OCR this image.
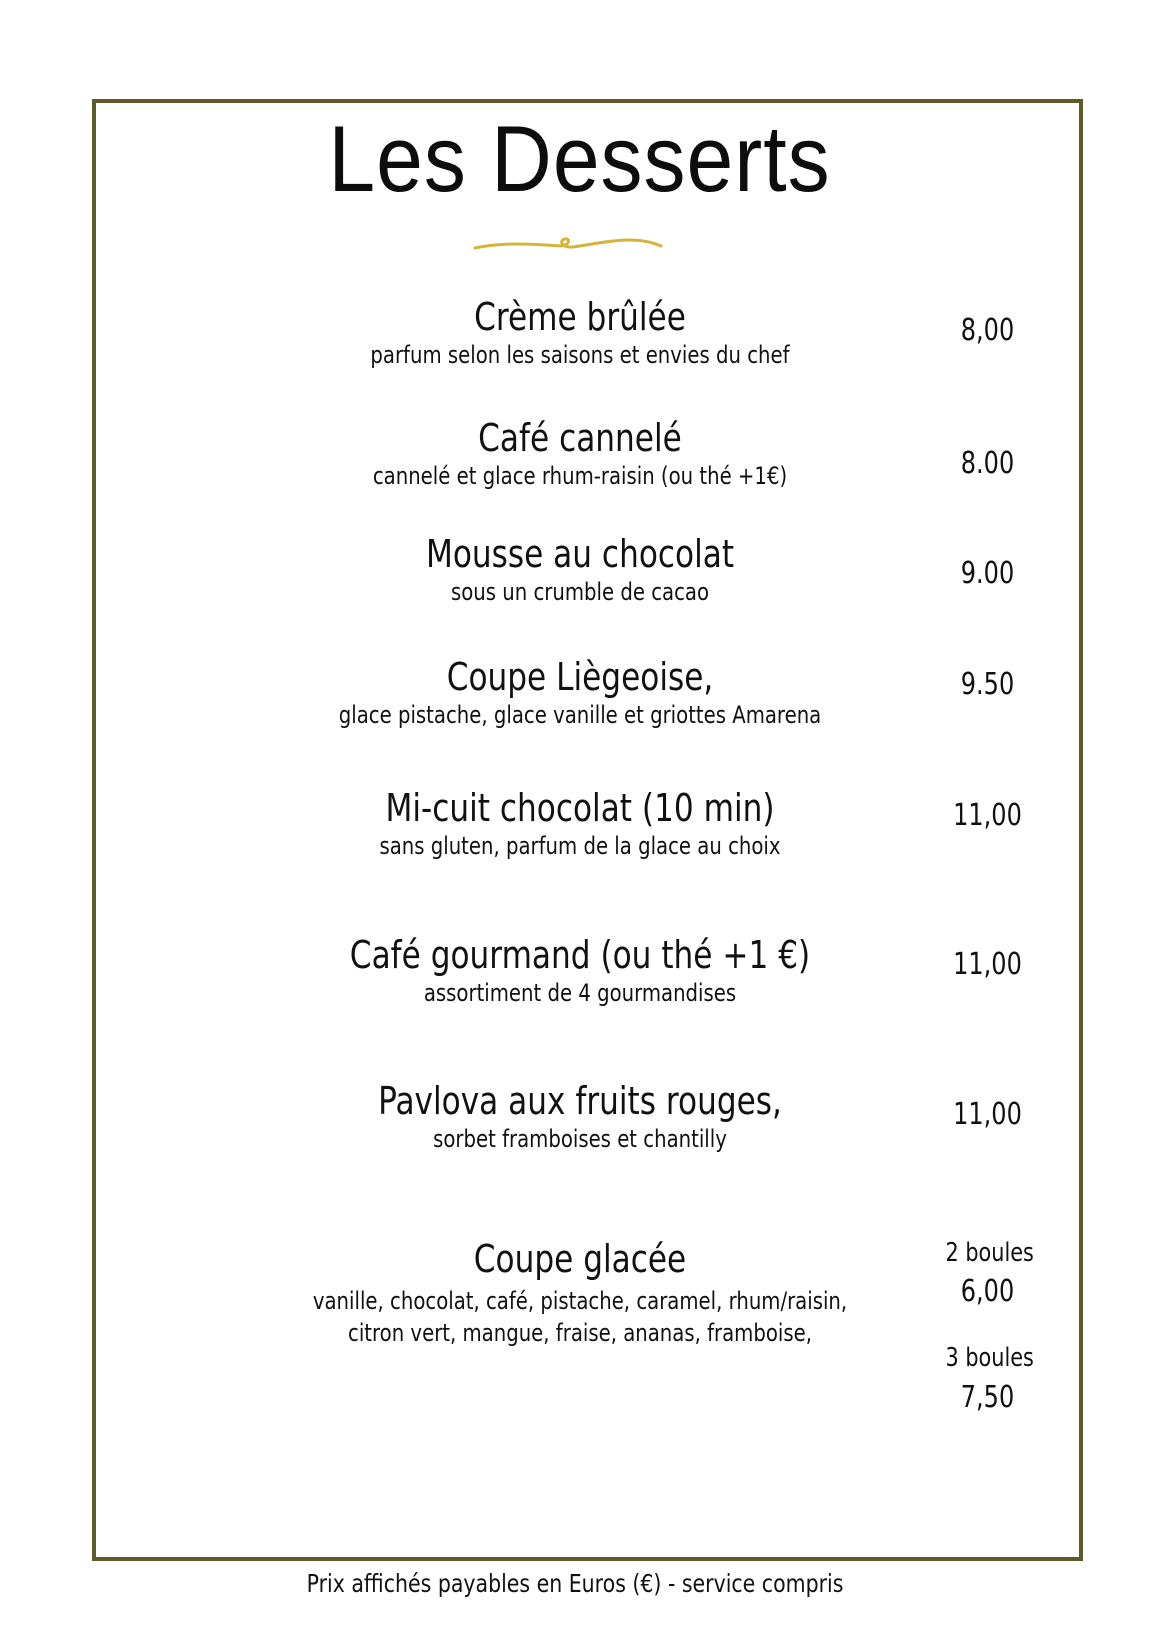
Les Desserts
Crème brûlée
parfum selon les saisons et envies du chef
8,00
Café cannelé
cannelé et glace rhum-raisin (ou thé +1€)	8.00
Mousse au chocolat
sous un crumble de cacao
9.00
Coupe Liègeoise,
glace pistache, glace vanille et griottes Amarena
9.50
Mi-cuit chocolat (10 min)
sans gluten, parfum de la glace au choix
11,00
Café gourmand (ou thé +1 €)
assortiment de 4 gourmandises
11,00
Pavlova aux fruits rouges,
sorbet framboises et chantilly
11,00
Coupe glacée
vanille, chocolat, café, pistache, caramel, rhum/raisin,
citron vert, mangue, fraise, ananas, framboise,
2 boules
6,00
3 boules
7,50
Prix affichés payables en Euros (€) - service compris
